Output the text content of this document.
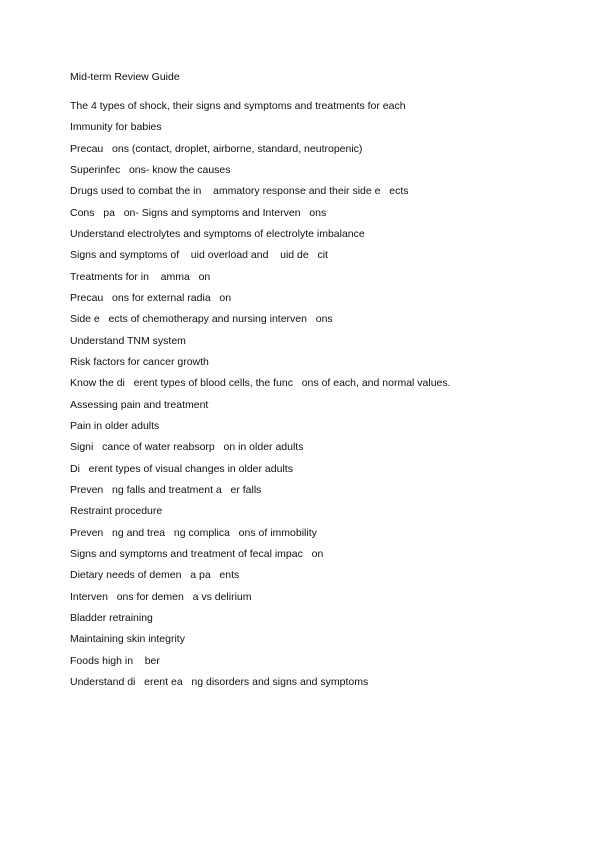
Mid-term Review Guide
The 4 types of shock, their signs and symptoms and treatments for each
Immunity for babies
Precau   ons (contact, droplet, airborne, standard, neutropenic)
Superinfec   ons- know the causes
Drugs used to combat the in    ammatory response and their side e   ects
Cons   pa   on- Signs and symptoms and Interven   ons
Understand electrolytes and symptoms of electrolyte imbalance
Signs and symptoms of    uid overload and    uid de   cit
Treatments for in    amma   on
Precau   ons for external radia   on
Side e   ects of chemotherapy and nursing interven   ons
Understand TNM system
Risk factors for cancer growth
Know the di   erent types of blood cells, the func   ons of each, and normal values.
Assessing pain and treatment
Pain in older adults
Signi   cance of water reabsorp   on in older adults
Di   erent types of visual changes in older adults
Preven   ng falls and treatment a   er falls
Restraint procedure
Preven   ng and trea   ng complica   ons of immobility
Signs and symptoms and treatment of fecal impac   on
Dietary needs of demen   a pa   ents
Interven   ons for demen   a vs delirium
Bladder retraining
Maintaining skin integrity
Foods high in    ber
Understand di   erent ea   ng disorders and signs and symptoms
